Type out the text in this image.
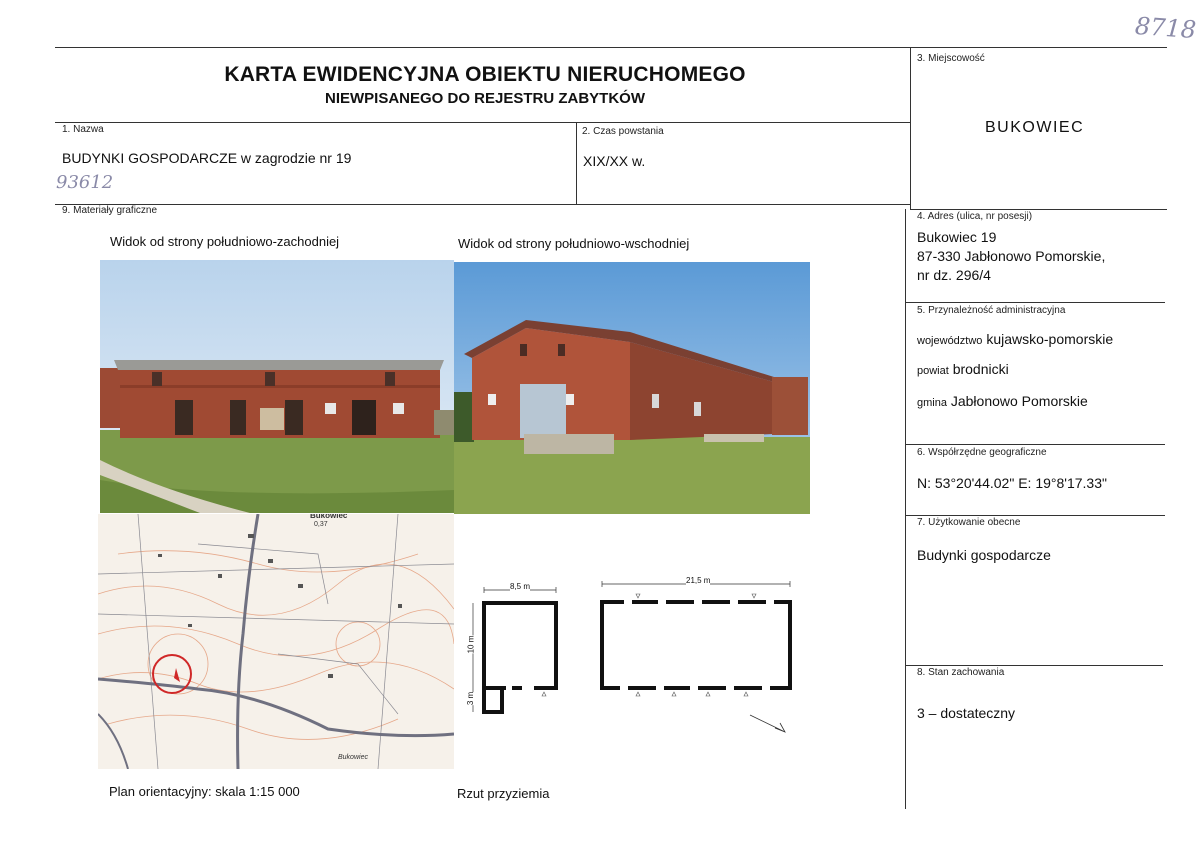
8718
KARTA EWIDENCYJNA OBIEKTU NIERUCHOMEGO
NIEWPISANEGO DO REJESTRU ZABYTKÓW
1. Nazwa
BUDYNKI GOSPODARCZE w zagrodzie nr 19
93612
2. Czas powstania
XIX/XX w.
3. Miejscowość
BUKOWIEC
4. Adres (ulica, nr posesji)
Bukowiec 19
87-330 Jabłonowo Pomorskie,
nr dz. 296/4
5. Przynależność administracyjna
województwo kujawsko-pomorskie
powiat brodnicki
gmina Jabłonowo Pomorskie
6. Współrzędne geograficzne
N: 53°20'44.02" E: 19°8'17.33"
7. Użytkowanie obecne
Budynki gospodarcze
8. Stan zachowania
3 – dostateczny
9. Materiały graficzne
Widok od strony południowo-zachodniej	Widok od strony południowo-wschodniej
Bukowiec
0,37
Bukowiec
8,5 m
21,5 m
10 m
3 m
Plan orientacyjny: skala 1:15 000	Rzut przyziemia
